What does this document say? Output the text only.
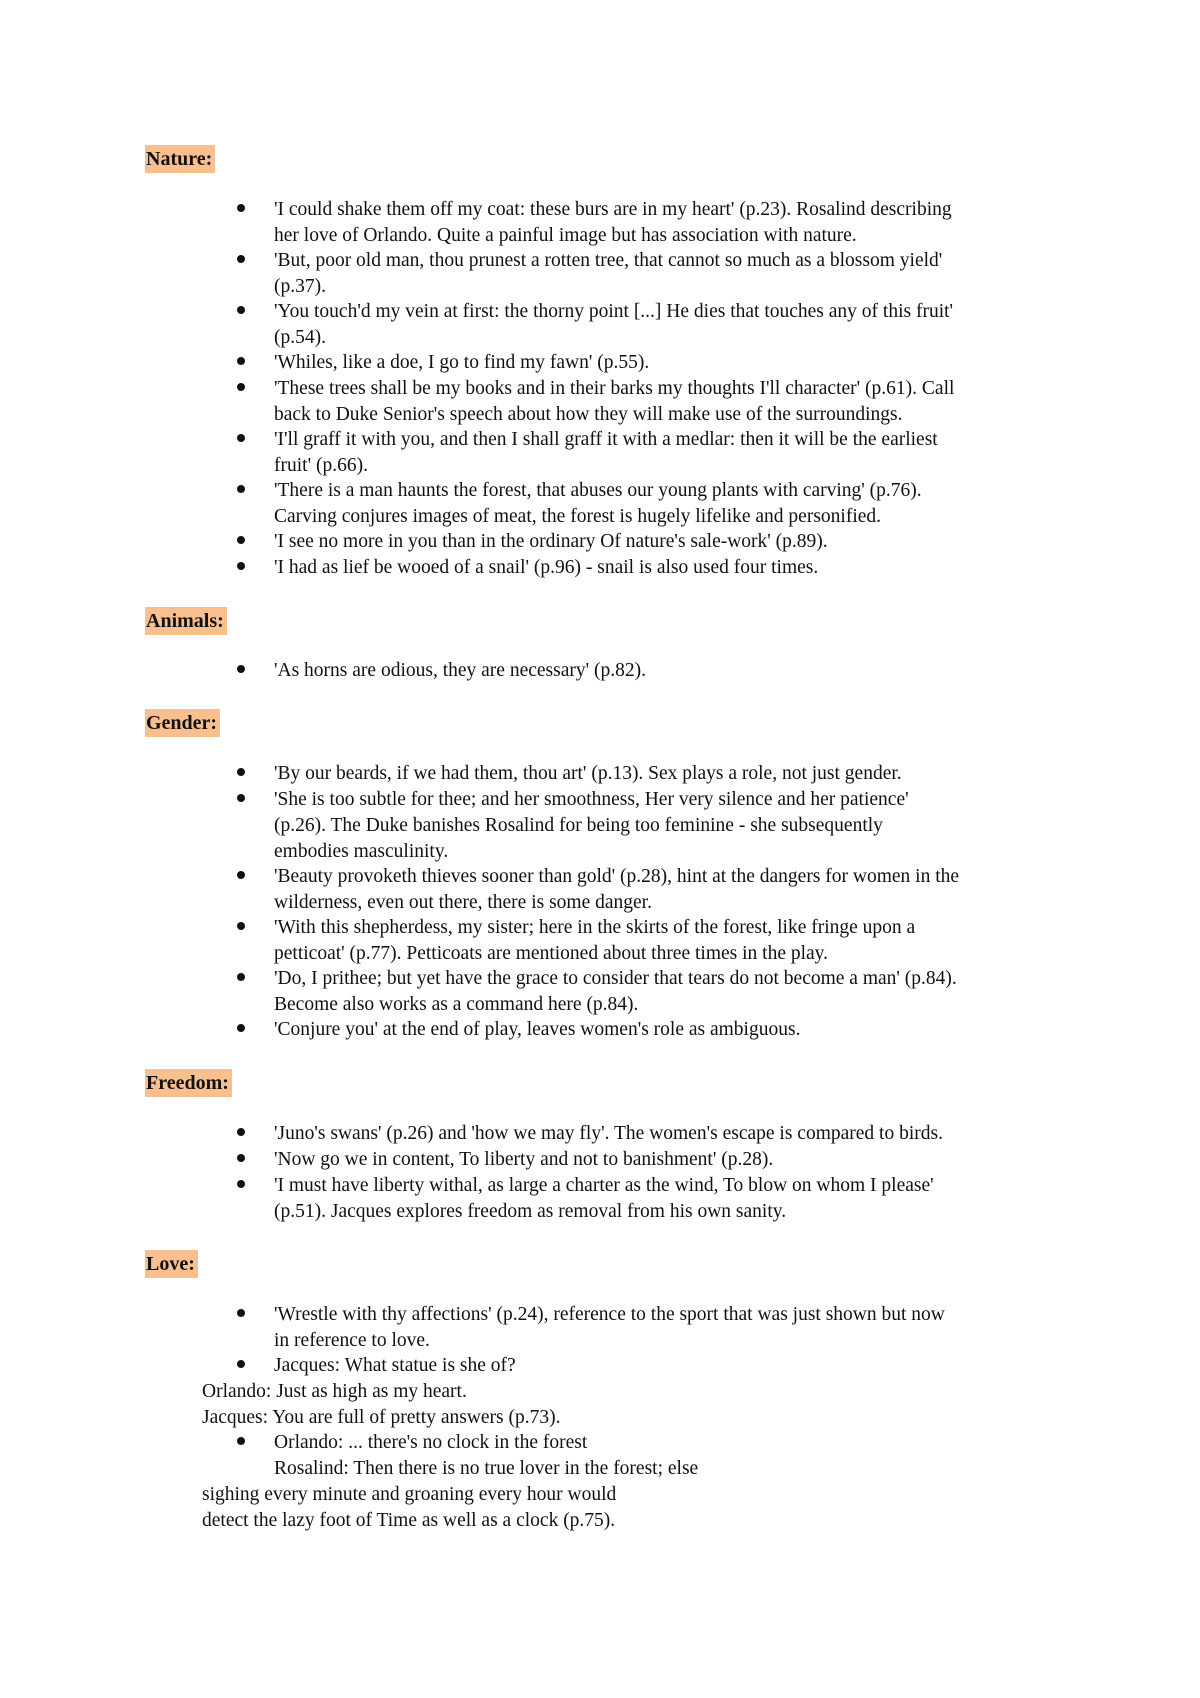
Nature:
'I could shake them off my coat: these burs are in my heart' (p.23). Rosalind describing
her love of Orlando. Quite a painful image but has association with nature.
'But, poor old man, thou prunest a rotten tree, that cannot so much as a blossom yield'
(p.37).
'You touch'd my vein at first: the thorny point [...] He dies that touches any of this fruit'
(p.54).
'Whiles, like a doe, I go to find my fawn' (p.55).
'These trees shall be my books and in their barks my thoughts I'll character' (p.61). Call
back to Duke Senior's speech about how they will make use of the surroundings.
'I'll graff it with you, and then I shall graff it with a medlar: then it will be the earliest
fruit' (p.66).
'There is a man haunts the forest, that abuses our young plants with carving' (p.76).
Carving conjures images of meat, the forest is hugely lifelike and personified.
'I see no more in you than in the ordinary Of nature's sale-work' (p.89).
'I had as lief be wooed of a snail' (p.96) - snail is also used four times.
Animals:
'As horns are odious, they are necessary' (p.82).
Gender:
'By our beards, if we had them, thou art' (p.13). Sex plays a role, not just gender.
'She is too subtle for thee; and her smoothness, Her very silence and her patience'
(p.26). The Duke banishes Rosalind for being too feminine - she subsequently
embodies masculinity.
'Beauty provoketh thieves sooner than gold' (p.28), hint at the dangers for women in the
wilderness, even out there, there is some danger.
'With this shepherdess, my sister; here in the skirts of the forest, like fringe upon a
petticoat' (p.77). Petticoats are mentioned about three times in the play.
'Do, I prithee; but yet have the grace to consider that tears do not become a man' (p.84).
Become also works as a command here (p.84).
'Conjure you' at the end of play, leaves women's role as ambiguous.
Freedom:
'Juno's swans' (p.26) and 'how we may fly'. The women's escape is compared to birds.
'Now go we in content, To liberty and not to banishment' (p.28).
'I must have liberty withal, as large a charter as the wind, To blow on whom I please'
(p.51). Jacques explores freedom as removal from his own sanity.
Love:
'Wrestle with thy affections' (p.24), reference to the sport that was just shown but now
in reference to love.
Jacques: What statue is she of?
Orlando: Just as high as my heart.
Jacques: You are full of pretty answers (p.73).
Orlando: ... there's no clock in the forest
Rosalind: Then there is no true lover in the forest; else
sighing every minute and groaning every hour would
detect the lazy foot of Time as well as a clock (p.75).
